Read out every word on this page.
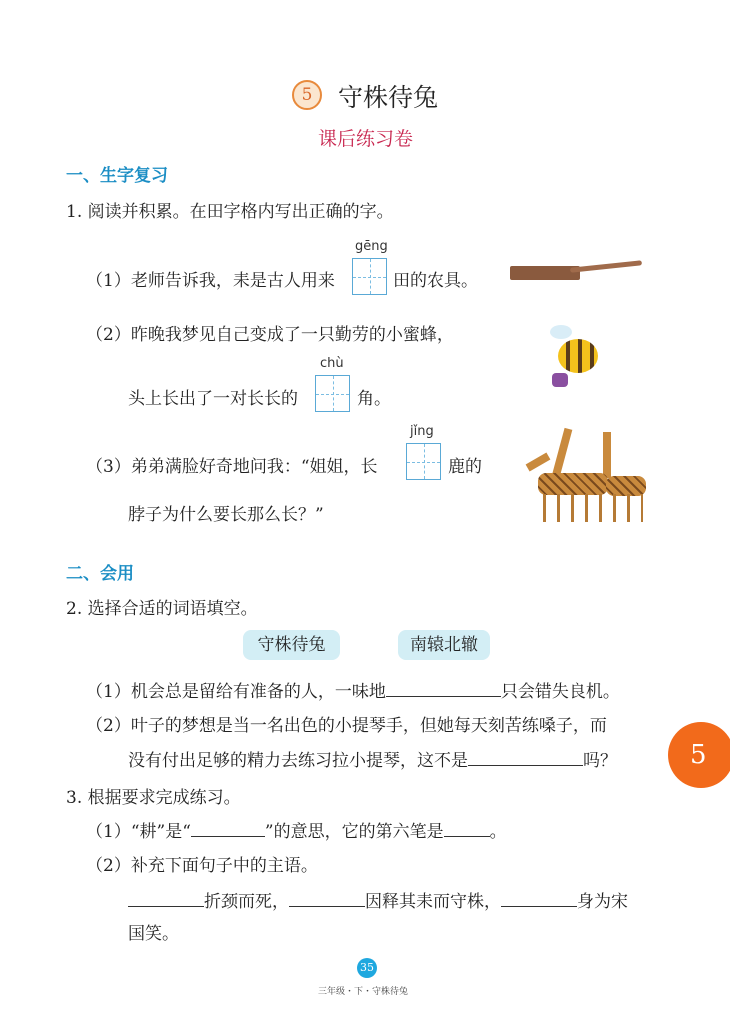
5	守株待兔
课后练习卷
一、生字复习
1. 阅读并积累。在田字格内写出正确的字。
（1）老师告诉我，耒是古人用来
gēng
田的农具。
（2）昨晚我梦见自己变成了一只勤劳的小蜜蜂，
头上长出了一对长长的
chù
角。
（3）弟弟满脸好奇地问我：“姐姐，长
jǐng
鹿的
脖子为什么要长那么长？”
二、会用
2. 选择合适的词语填空。
守株待兔	南辕北辙
（1）机会总是留给有准备的人，一味地	只会错失良机。
（2）叶子的梦想是当一名出色的小提琴手，但她每天刻苦练嗓子，而
没有付出足够的精力去练习拉小提琴，这不是	吗？
3. 根据要求完成练习。
（1）“耕”是“	”的意思，它的第六笔是	。
（2）补充下面句子中的主语。
折颈而死，	因释其耒而守株，	身为宋
国笑。
5
35
三年级・下・守株待兔
